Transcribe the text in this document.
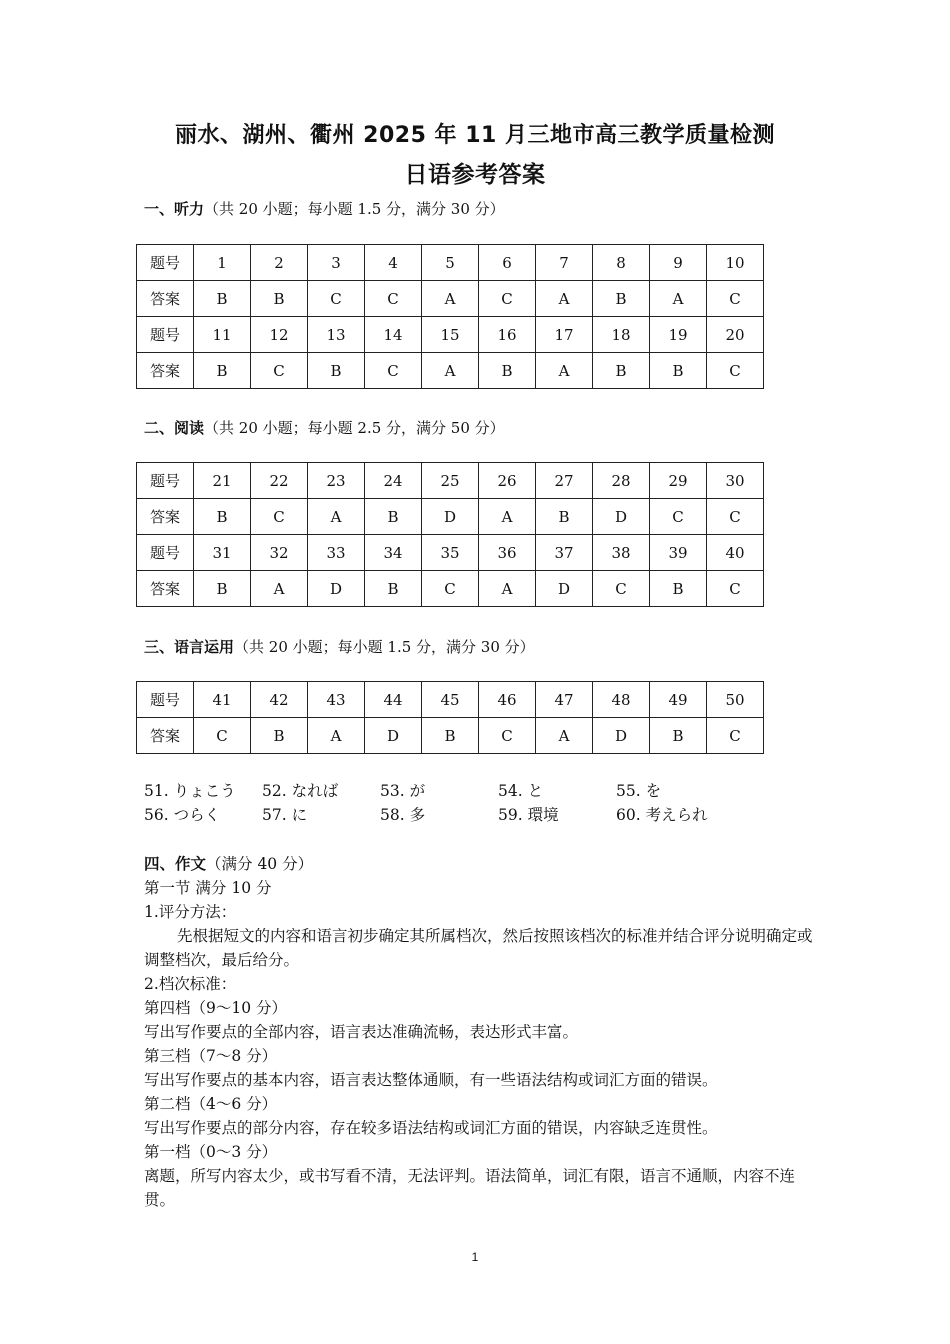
丽水、湖州、衢州 2025 年 11 月三地市高三教学质量检测
日语参考答案
一、听力（共 20 小题；每小题 1.5 分，满分 30 分）
题号	1	2	3	4	5	6	7	8	9	10
答案	B	B	C	C	A	C	A	B	A	C
题号	11	12	13	14	15	16	17	18	19	20
答案	B	C	B	C	A	B	A	B	B	C
二、阅读（共 20 小题；每小题 2.5 分，满分 50 分）
题号	21	22	23	24	25	26	27	28	29	30
答案	B	C	A	B	D	A	B	D	C	C
题号	31	32	33	34	35	36	37	38	39	40
答案	B	A	D	B	C	A	D	C	B	C
三、语言运用（共 20 小题；每小题 1.5 分，满分 30 分）
题号	41	42	43	44	45	46	47	48	49	50
答案	C	B	A	D	B	C	A	D	B	C
51. りょこう	52. なれば	53. が	54. と	55. を
56. つらく	57. に	58. 多	59. 環境	60. 考えられ
四、作文（满分 40 分）
第一节 满分 10 分
1.评分方法：
先根据短文的内容和语言初步确定其所属档次，然后按照该档次的标准并结合评分说明确定或调整档次，最后给分。
2.档次标准：
第四档（9～10 分）
写出写作要点的全部内容，语言表达准确流畅，表达形式丰富。
第三档（7～8 分）
写出写作要点的基本内容，语言表达整体通顺，有一些语法结构或词汇方面的错误。
第二档（4～6 分）
写出写作要点的部分内容，存在较多语法结构或词汇方面的错误，内容缺乏连贯性。
第一档（0～3 分）
离题，所写内容太少，或书写看不清，无法评判。语法简单，词汇有限，语言不通顺，内容不连贯。
1
